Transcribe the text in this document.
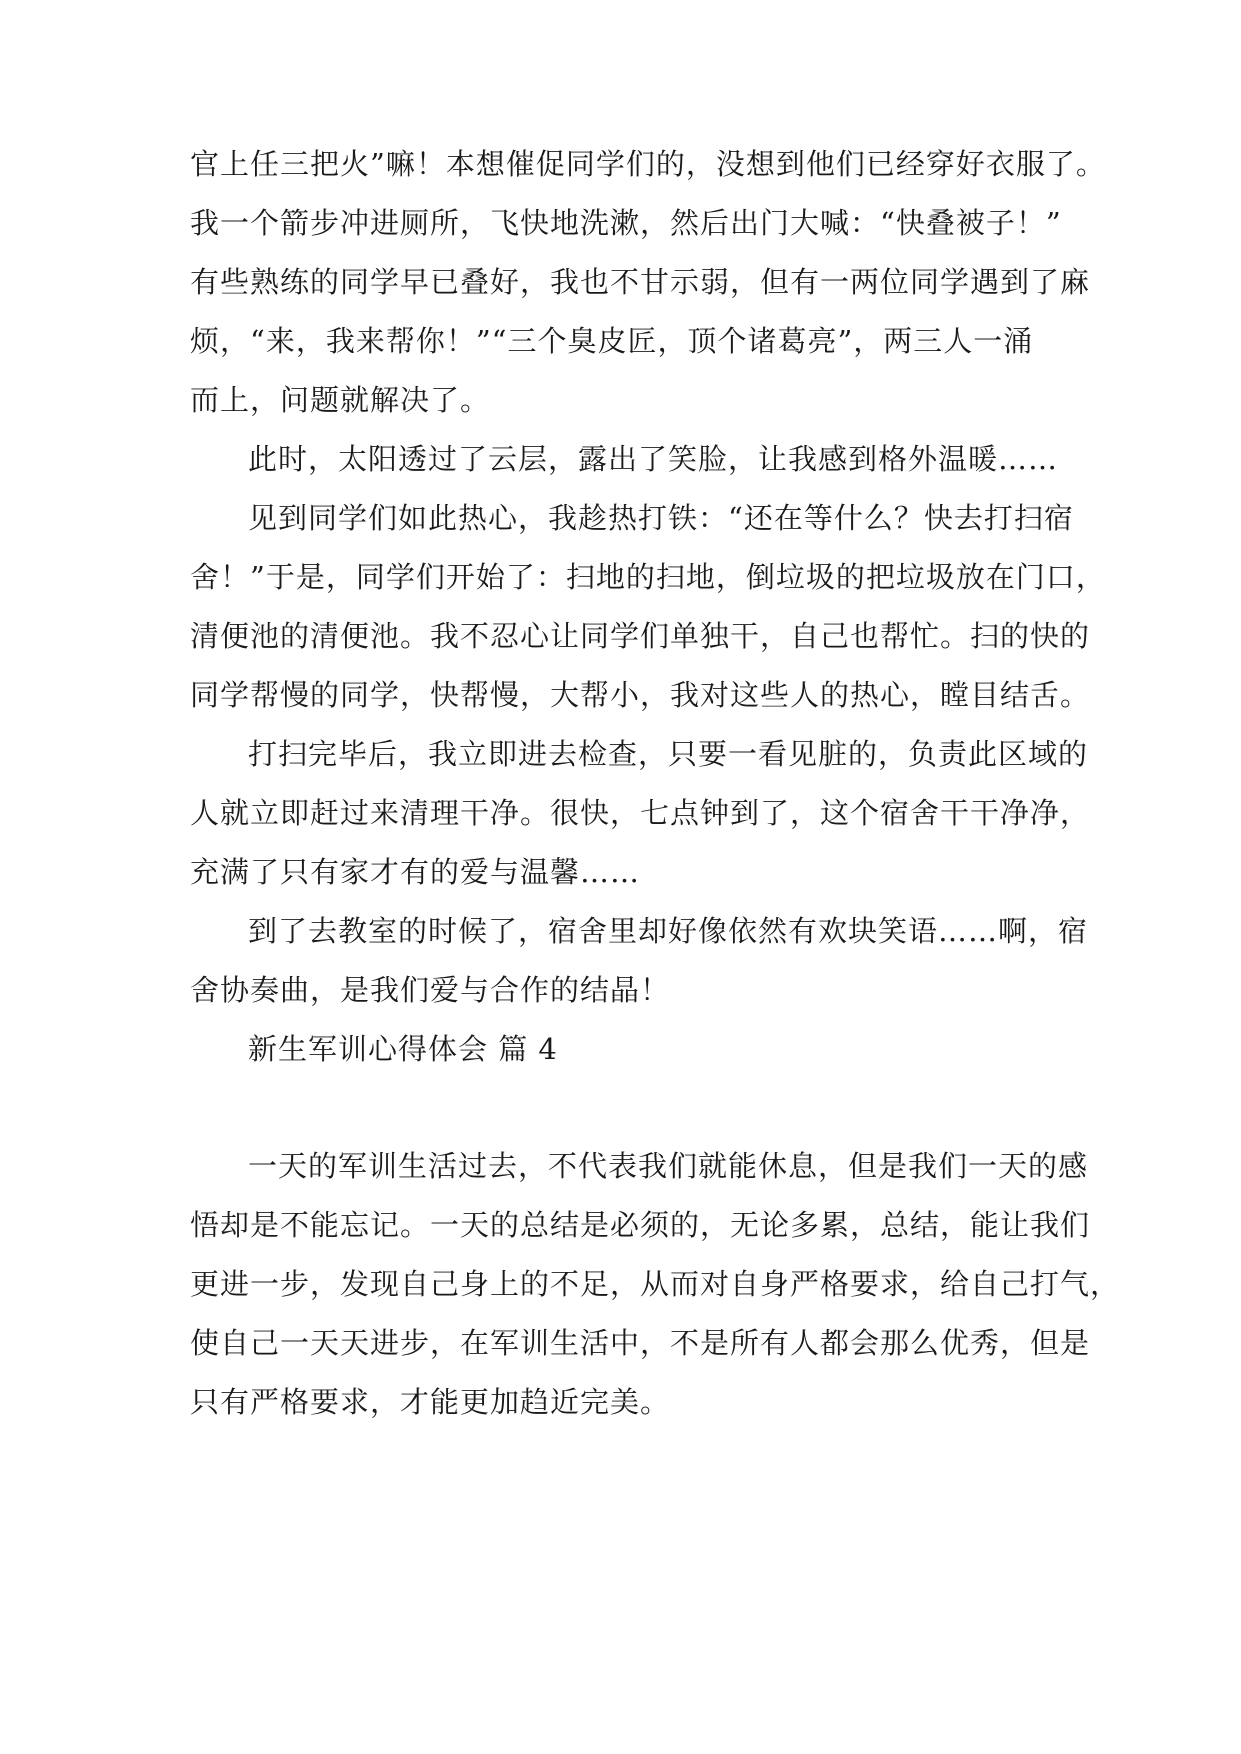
官上任三把火”嘛！本想催促同学们的，没想到他们已经穿好衣服了。
我一个箭步冲进厕所，飞快地洗漱，然后出门大喊：“快叠被子！”
有些熟练的同学早已叠好，我也不甘示弱，但有一两位同学遇到了麻
烦，“来，我来帮你！”“三个臭皮匠，顶个诸葛亮”，两三人一涌
而上，问题就解决了。
此时，太阳透过了云层，露出了笑脸，让我感到格外温暖……
见到同学们如此热心，我趁热打铁：“还在等什么？快去打扫宿
舍！”于是，同学们开始了：扫地的扫地，倒垃圾的把垃圾放在门口，
清便池的清便池。我不忍心让同学们单独干，自己也帮忙。扫的快的
同学帮慢的同学，快帮慢，大帮小，我对这些人的热心，瞠目结舌。
打扫完毕后，我立即进去检查，只要一看见脏的，负责此区域的
人就立即赶过来清理干净。很快，七点钟到了，这个宿舍干干净净，
充满了只有家才有的爱与温馨……
到了去教室的时候了，宿舍里却好像依然有欢块笑语……啊，宿
舍协奏曲，是我们爱与合作的结晶！
新生军训心得体会 篇 4
一天的军训生活过去，不代表我们就能休息，但是我们一天的感
悟却是不能忘记。一天的总结是必须的，无论多累，总结，能让我们
更进一步，发现自己身上的不足，从而对自身严格要求，给自己打气，
使自己一天天进步，在军训生活中，不是所有人都会那么优秀，但是
只有严格要求，才能更加趋近完美。
